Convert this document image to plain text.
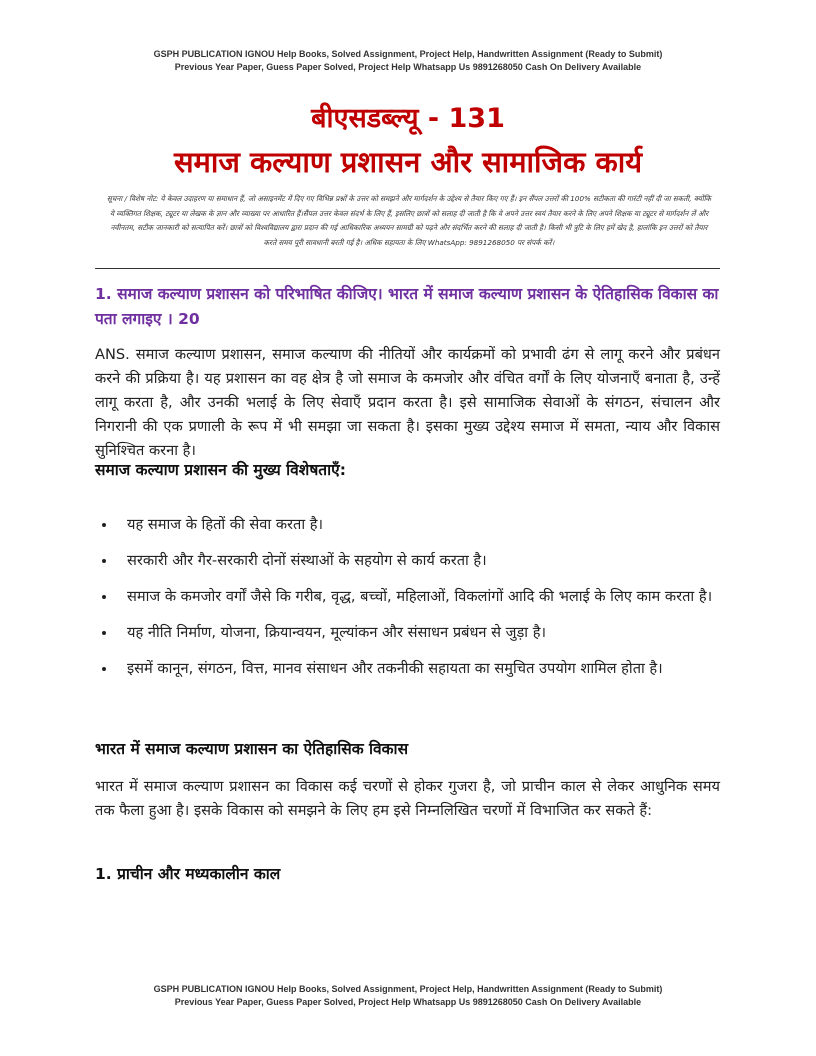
GSPH PUBLICATION IGNOU Help Books, Solved Assignment, Project Help, Handwritten Assignment (Ready to Submit)
Previous Year Paper, Guess Paper Solved, Project Help Whatsapp Us 9891268050 Cash On Delivery Available
बीएसडब्ल्यू - 131
समाज कल्याण प्रशासन और सामाजिक कार्य
सूचना / विशेष नोट: ये केवल उदाहरण या समाधान हैं, जो असाइनमेंट में दिए गए विभिन्न प्रश्नों के उत्तर को समझने और मार्गदर्शन के उद्देश्य से तैयार किए गए हैं। इन सैंपल उत्तरों की 100% सटीकता की गारंटी नहीं दी जा सकती, क्योंकि ये व्यक्तिगत शिक्षक, ट्यूटर या लेखक के ज्ञान और व्याख्या पर आधारित हैं।सैंपल उत्तर केवल संदर्भ के लिए हैं, इसलिए छात्रों को सलाह दी जाती है कि वे अपने उत्तर स्वयं तैयार करने के लिए अपने शिक्षक या ट्यूटर से मार्गदर्शन लें और नवीनतम, सटीक जानकारी को सत्यापित करें। छात्रों को विश्वविद्यालय द्वारा प्रदान की गई आधिकारिक अध्ययन सामग्री को पढ़ने और संदर्भित करने की सलाह दी जाती है। किसी भी त्रुटि के लिए हमें खेद है, हालांकि इन उत्तरों को तैयार करते समय पूरी सावधानी बरती गई है। अधिक सहायता के लिए WhatsApp: 9891268050 पर संपर्क करें।
1. समाज कल्याण प्रशासन को परिभाषित कीजिए। भारत में समाज कल्याण प्रशासन के ऐतिहासिक विकास का पता लगाइए । 20
ANS. समाज कल्याण प्रशासन, समाज कल्याण की नीतियों और कार्यक्रमों को प्रभावी ढंग से लागू करने और प्रबंधन करने की प्रक्रिया है। यह प्रशासन का वह क्षेत्र है जो समाज के कमजोर और वंचित वर्गों के लिए योजनाएँ बनाता है, उन्हें लागू करता है, और उनकी भलाई के लिए सेवाएँ प्रदान करता है। इसे सामाजिक सेवाओं के संगठन, संचालन और निगरानी की एक प्रणाली के रूप में भी समझा जा सकता है। इसका मुख्य उद्देश्य समाज में समता, न्याय और विकास सुनिश्चित करना है।
समाज कल्याण प्रशासन की मुख्य विशेषताएँ:
• यह समाज के हितों की सेवा करता है।
• सरकारी और गैर-सरकारी दोनों संस्थाओं के सहयोग से कार्य करता है।
• समाज के कमजोर वर्गों जैसे कि गरीब, वृद्ध, बच्चों, महिलाओं, विकलांगों आदि की भलाई के लिए काम करता है।
• यह नीति निर्माण, योजना, क्रियान्वयन, मूल्यांकन और संसाधन प्रबंधन से जुड़ा है।
• इसमें कानून, संगठन, वित्त, मानव संसाधन और तकनीकी सहायता का समुचित उपयोग शामिल होता है।
भारत में समाज कल्याण प्रशासन का ऐतिहासिक विकास
भारत में समाज कल्याण प्रशासन का विकास कई चरणों से होकर गुजरा है, जो प्राचीन काल से लेकर आधुनिक समय तक फैला हुआ है। इसके विकास को समझने के लिए हम इसे निम्नलिखित चरणों में विभाजित कर सकते हैं:
1. प्राचीन और मध्यकालीन काल
GSPH PUBLICATION IGNOU Help Books, Solved Assignment, Project Help, Handwritten Assignment (Ready to Submit)
Previous Year Paper, Guess Paper Solved, Project Help Whatsapp Us 9891268050 Cash On Delivery Available
